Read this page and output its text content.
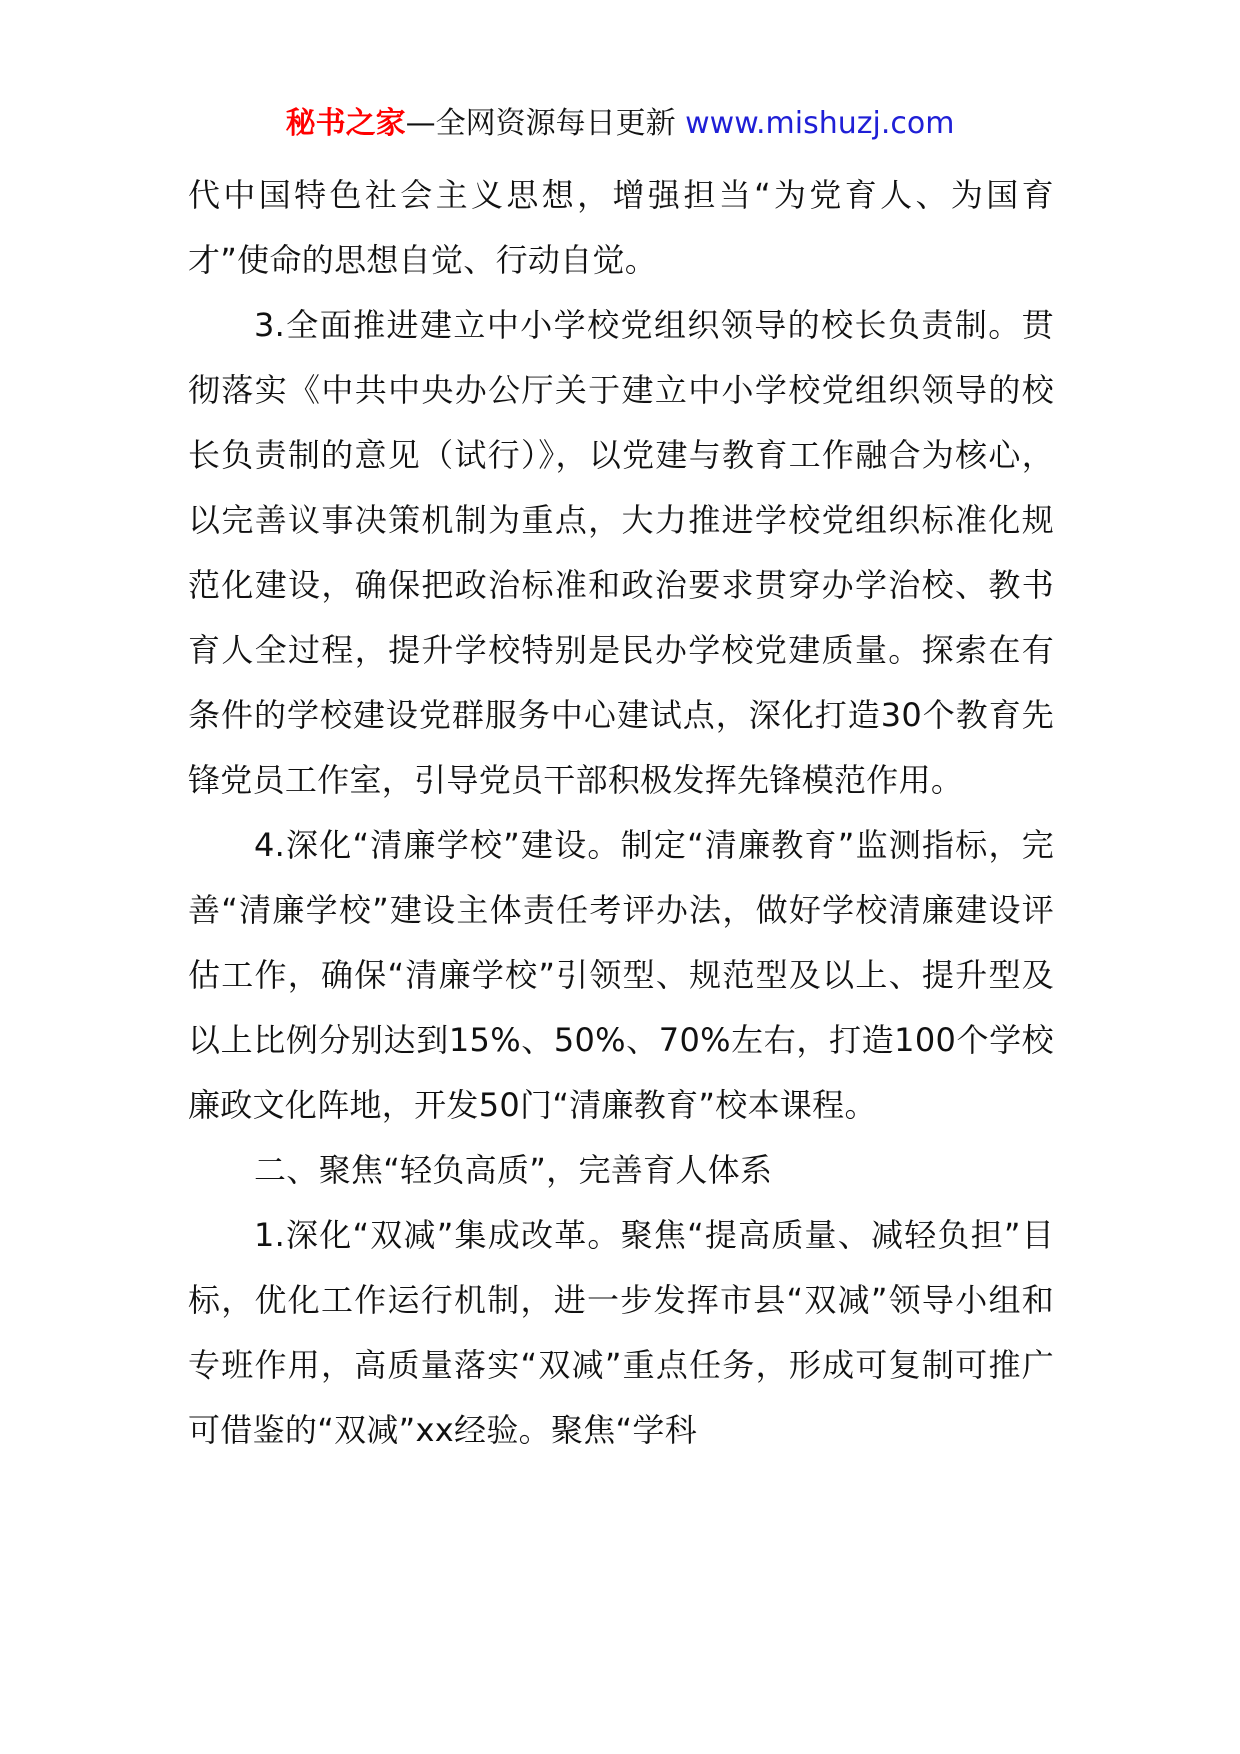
秘书之家—全网资源每日更新 www.mishuzj.com

代中国特色社会主义思想，增强担当“为党育人、为国育才”使命的思想自觉、行动自觉。

3.全面推进建立中小学校党组织领导的校长负责制。贯彻落实《中共中央办公厅关于建立中小学校党组织领导的校长负责制的意见（试行）》，以党建与教育工作融合为核心，以完善议事决策机制为重点，大力推进学校党组织标准化规范化建设，确保把政治标准和政治要求贯穿办学治校、教书育人全过程，提升学校特别是民办学校党建质量。探索在有条件的学校建设党群服务中心建试点，深化打造30个教育先锋党员工作室，引导党员干部积极发挥先锋模范作用。

4.深化“清廉学校”建设。制定“清廉教育”监测指标，完善“清廉学校”建设主体责任考评办法，做好学校清廉建设评估工作，确保“清廉学校”引领型、规范型及以上、提升型及以上比例分别达到15%、50%、70%左右，打造100个学校廉政文化阵地，开发50门“清廉教育”校本课程。

二、聚焦“轻负高质”，完善育人体系

1.深化“双减”集成改革。聚焦“提高质量、减轻负担”目标，优化工作运行机制，进一步发挥市县“双减”领导小组和专班作用，高质量落实“双减”重点任务，形成可复制可推广可借鉴的“双减”xx经验。聚焦“学科
